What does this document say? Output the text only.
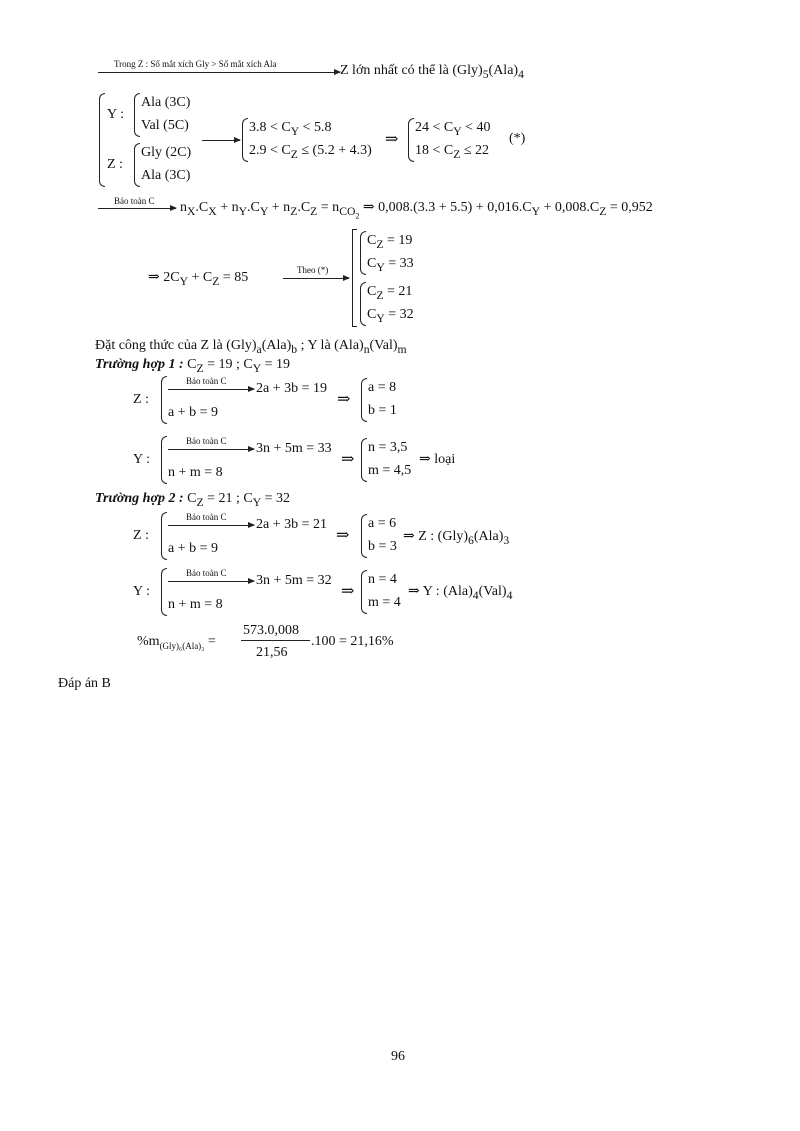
Trong Z : Số mắt xích Gly > Số mắt xích Ala	Z lớn nhất có thể là $(Gly)_5(Ala)_4$
Y :
Ala (3C)
Val (5C)
Z :
Gly (2C)
Ala (3C)
$3.8 < C_Y < 5.8$
$2.9 < C_Z \le (5.2 + 4.3)$
⇒
$24 < C_Y < 40$
$18 < C_Z \le 22$
(*)
Bảo toàn C $n_X.C_X + n_Y.C_Y + n_Z.C_Z = n_{CO_2}$ ⇒ $0,008.(3.3 + 5.5) + 0,016.C_Y + 0,008.C_Z = 0,952$
⇒ $2C_Y + C_Z = 85$	Theo (*)
$C_Z = 19$
$C_Y = 33$
$C_Z = 21$
$C_Y = 32$
Đặt công thức của Z là $(Gly)_a(Ala)_b$ ; Y là $(Ala)_n(Val)_m$
Trường hợp 1 : $C_Z = 19$ ; $C_Y = 19$
Z :
Bảo toàn C 2a + 3b = 19
a + b = 9
⇒
a = 8
b = 1
Y :
Bảo toàn C 3n + 5m = 33
n + m = 8
⇒
n = 3,5
m = 4,5
⇒ loại
Trường hợp 2 : $C_Z = 21$ ; $C_Y = 32$
Z :
Bảo toàn C 2a + 3b = 21
a + b = 9
⇒
a = 6
b = 3
⇒ Z : $(Gly)_6(Ala)_3$
Y :
Bảo toàn C 3n + 5m = 32
n + m = 8
⇒
n = 4
m = 4
⇒ Y : $(Ala)_4(Val)_4$
$\%m_{(Gly)_6(Ala)_3}$ =
573.0,008
21,56
.100 = 21,16%
Đáp án B
96
